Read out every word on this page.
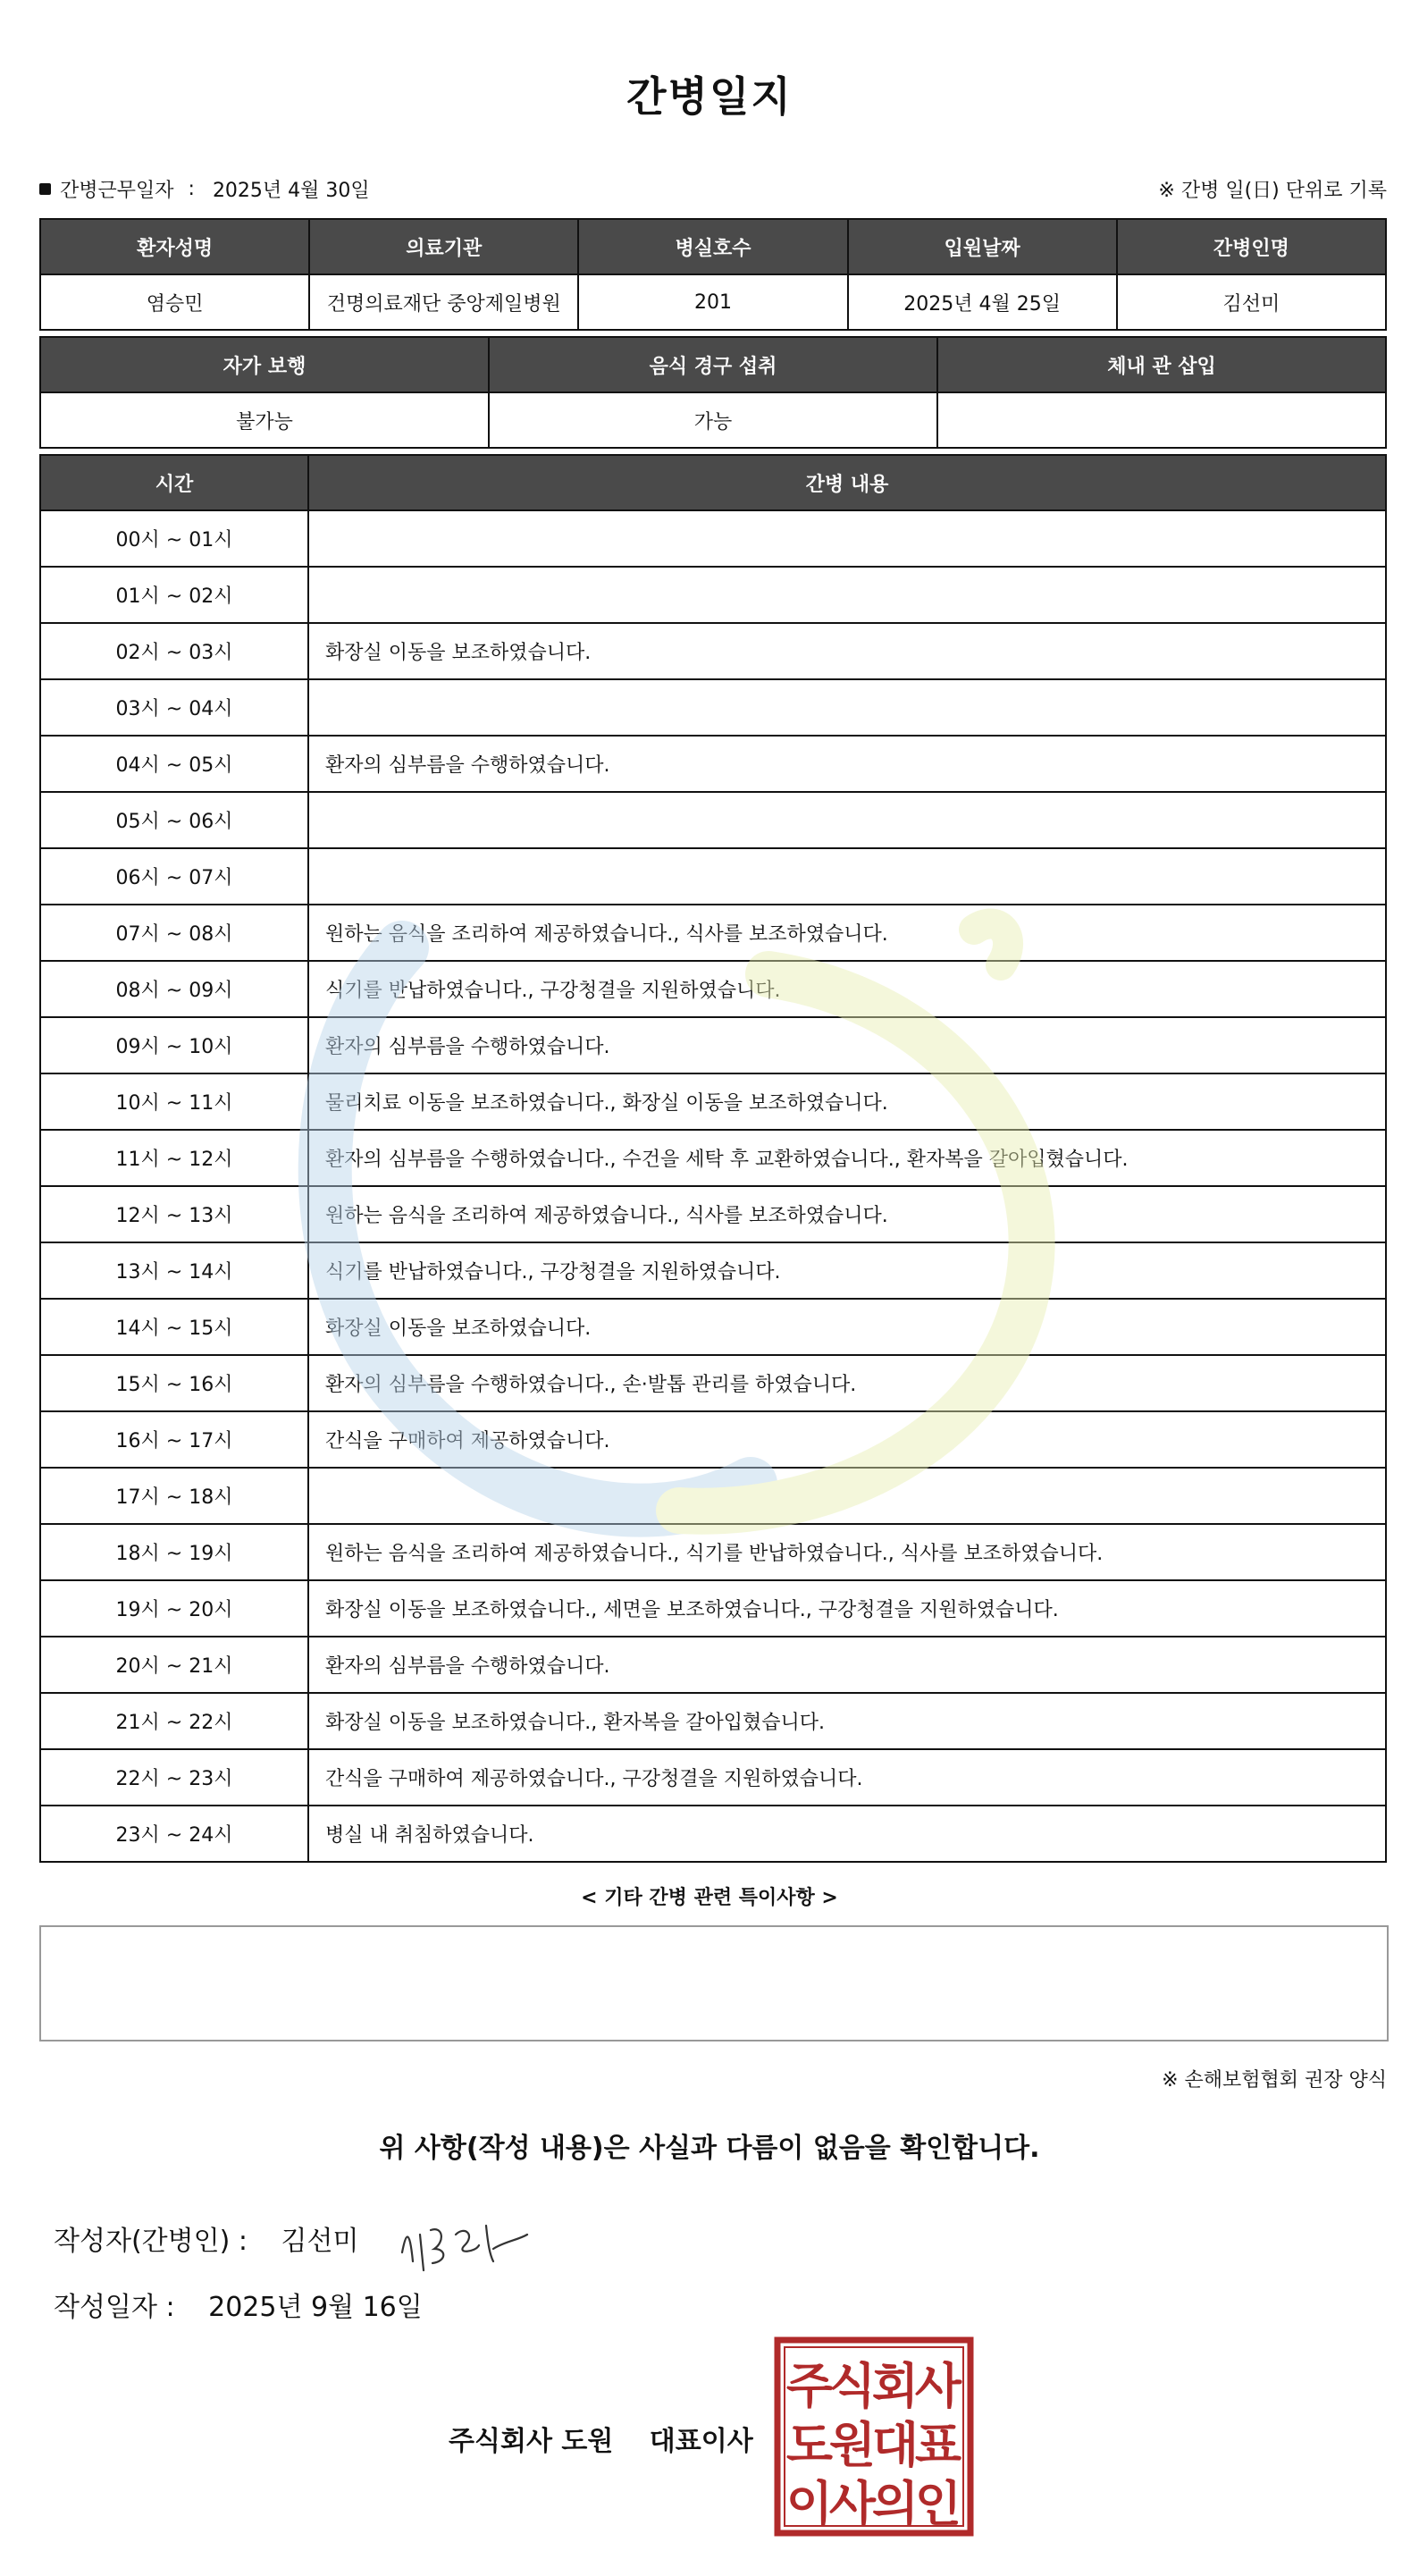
간병일지
간병근무일자 : 2025년 4월 30일	※ 간병 일(日) 단위로 기록
환자성명	의료기관	병실호수	입원날짜	간병인명
염승민	건명의료재단 중앙제일병원	201	2025년 4월 25일	김선미
자가 보행	음식 경구 섭취	체내 관 삽입
불가능	가능	
시간	간병 내용
00시 ~ 01시	
01시 ~ 02시	
02시 ~ 03시	화장실 이동을 보조하였습니다.
03시 ~ 04시	
04시 ~ 05시	환자의 심부름을 수행하였습니다.
05시 ~ 06시	
06시 ~ 07시	
07시 ~ 08시	원하는 음식을 조리하여 제공하였습니다., 식사를 보조하였습니다.
08시 ~ 09시	식기를 반납하였습니다., 구강청결을 지원하였습니다.
09시 ~ 10시	환자의 심부름을 수행하였습니다.
10시 ~ 11시	물리치료 이동을 보조하였습니다., 화장실 이동을 보조하였습니다.
11시 ~ 12시	환자의 심부름을 수행하였습니다., 수건을 세탁 후 교환하였습니다., 환자복을 갈아입혔습니다.
12시 ~ 13시	원하는 음식을 조리하여 제공하였습니다., 식사를 보조하였습니다.
13시 ~ 14시	식기를 반납하였습니다., 구강청결을 지원하였습니다.
14시 ~ 15시	화장실 이동을 보조하였습니다.
15시 ~ 16시	환자의 심부름을 수행하였습니다., 손·발톱 관리를 하였습니다.
16시 ~ 17시	간식을 구매하여 제공하였습니다.
17시 ~ 18시	
18시 ~ 19시	원하는 음식을 조리하여 제공하였습니다., 식기를 반납하였습니다., 식사를 보조하였습니다.
19시 ~ 20시	화장실 이동을 보조하였습니다., 세면을 보조하였습니다., 구강청결을 지원하였습니다.
20시 ~ 21시	환자의 심부름을 수행하였습니다.
21시 ~ 22시	화장실 이동을 보조하였습니다., 환자복을 갈아입혔습니다.
22시 ~ 23시	간식을 구매하여 제공하였습니다., 구강청결을 지원하였습니다.
23시 ~ 24시	병실 내 취침하였습니다.
< 기타 간병 관련 특이사항 >
※ 손해보험협회 권장 양식
위 사항(작성 내용)은 사실과 다름이 없음을 확인합니다.
작성자(간병인) : 김선미
작성일자 : 2025년 9월 16일
주식회사 도원 대표이사
주
식
회
사
도
원
대
표
이
사
의
인
